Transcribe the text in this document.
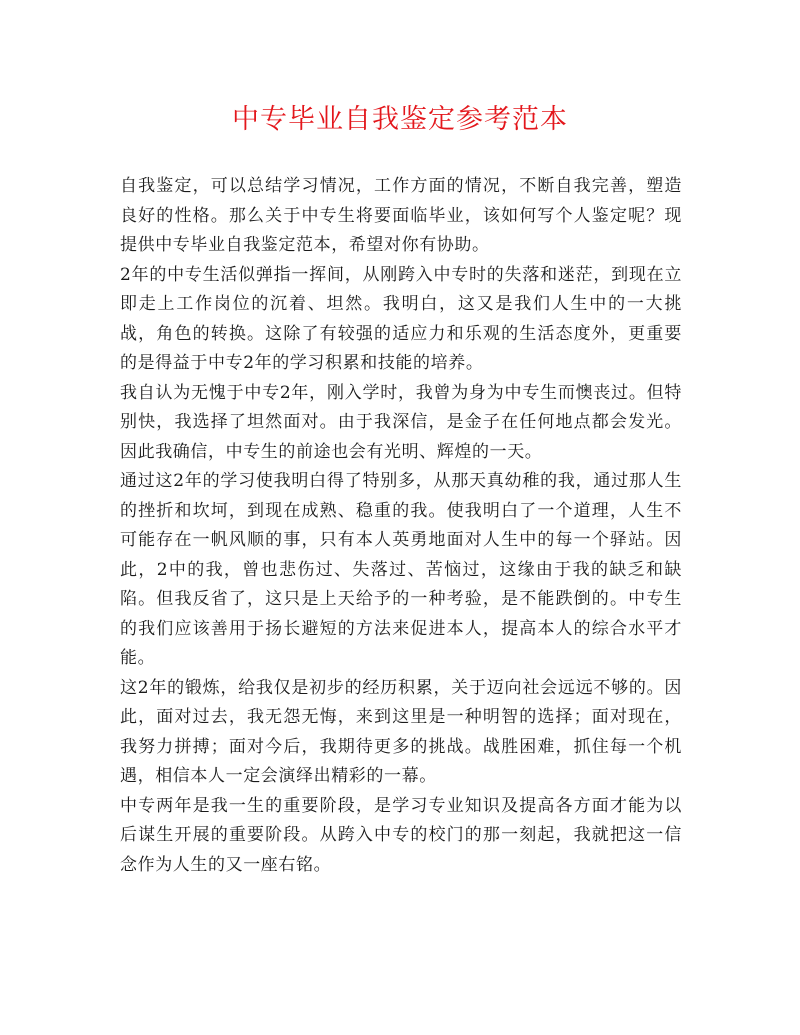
中专毕业自我鉴定参考范本

自我鉴定，可以总结学习情况，工作方面的情况，不断自我完善，塑造良好的性格。那么关于中专生将要面临毕业，该如何写个人鉴定呢？现提供中专毕业自我鉴定范本，希望对你有协助。

2年的中专生活似弹指一挥间，从刚跨入中专时的失落和迷茫，到现在立即走上工作岗位的沉着、坦然。我明白，这又是我们人生中的一大挑战，角色的转换。这除了有较强的适应力和乐观的生活态度外，更重要的是得益于中专2年的学习积累和技能的培养。

我自认为无愧于中专2年，刚入学时，我曾为身为中专生而懊丧过。但特别快，我选择了坦然面对。由于我深信，是金子在任何地点都会发光。因此我确信，中专生的前途也会有光明、辉煌的一天。

通过这2年的学习使我明白得了特别多，从那天真幼稚的我，通过那人生的挫折和坎坷，到现在成熟、稳重的我。使我明白了一个道理，人生不可能存在一帆风顺的事，只有本人英勇地面对人生中的每一个驿站。因此，2中的我，曾也悲伤过、失落过、苦恼过，这缘由于我的缺乏和缺陷。但我反省了，这只是上天给予的一种考验，是不能跌倒的。中专生的我们应该善用于扬长避短的方法来促进本人，提高本人的综合水平才能。

这2年的锻炼，给我仅是初步的经历积累，关于迈向社会远远不够的。因此，面对过去，我无怨无悔，来到这里是一种明智的选择；面对现在，我努力拼搏；面对今后，我期待更多的挑战。战胜困难，抓住每一个机遇，相信本人一定会演绎出精彩的一幕。

中专两年是我一生的重要阶段，是学习专业知识及提高各方面才能为以后谋生开展的重要阶段。从跨入中专的校门的那一刻起，我就把这一信念作为人生的又一座右铭。
